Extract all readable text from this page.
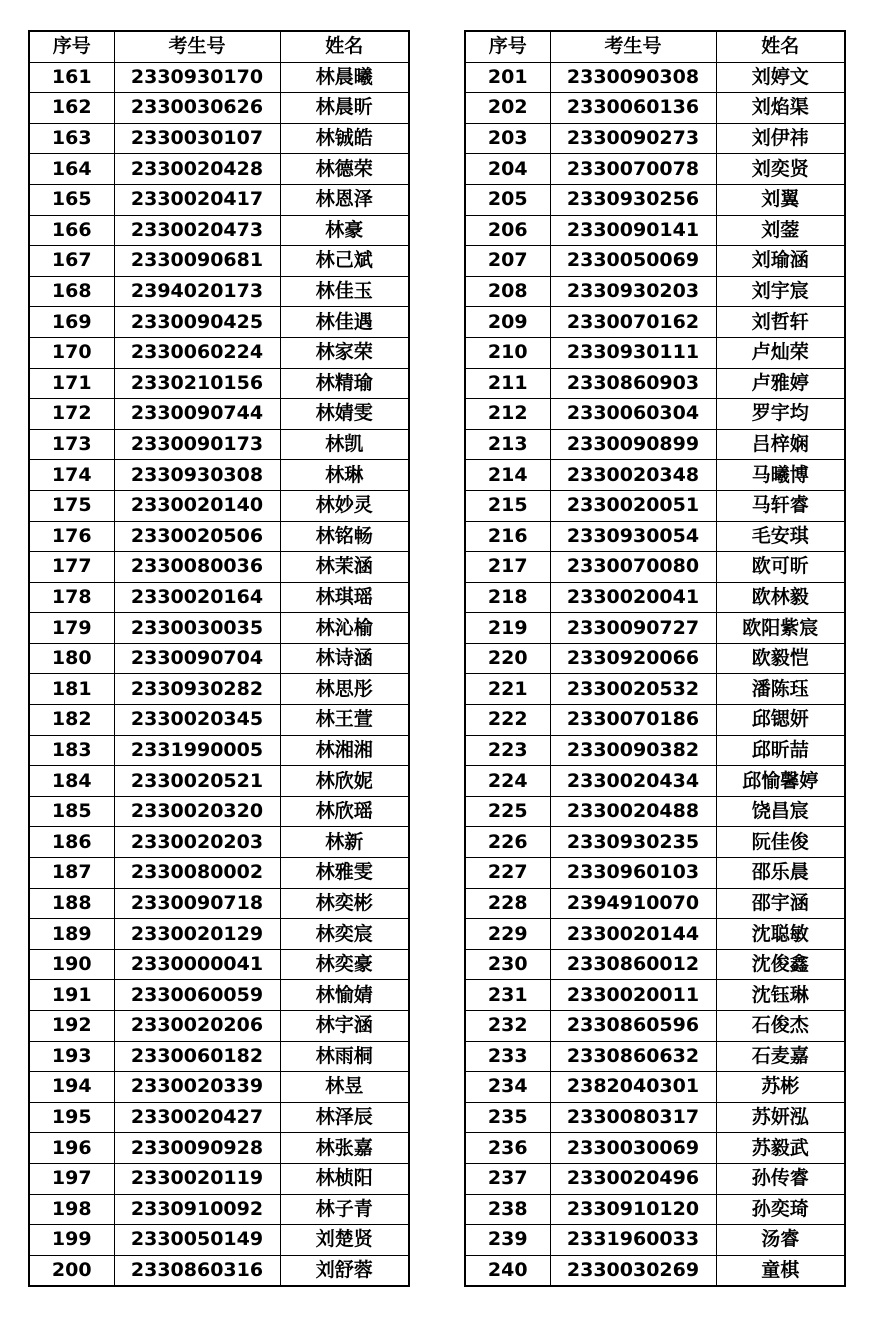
序号	考生号	姓名
161	2330930170	林晨曦
162	2330030626	林晨昕
163	2330030107	林铖皓
164	2330020428	林德荣
165	2330020417	林恩泽
166	2330020473	林豪
167	2330090681	林己斌
168	2394020173	林佳玉
169	2330090425	林佳遇
170	2330060224	林家荣
171	2330210156	林精瑜
172	2330090744	林婧雯
173	2330090173	林凯
174	2330930308	林琳
175	2330020140	林妙灵
176	2330020506	林铭畅
177	2330080036	林茉涵
178	2330020164	林琪瑶
179	2330030035	林沁榆
180	2330090704	林诗涵
181	2330930282	林思彤
182	2330020345	林王萱
183	2331990005	林湘湘
184	2330020521	林欣妮
185	2330020320	林欣瑶
186	2330020203	林新
187	2330080002	林雅雯
188	2330090718	林奕彬
189	2330020129	林奕宸
190	2330000041	林奕豪
191	2330060059	林愉婧
192	2330020206	林宇涵
193	2330060182	林雨桐
194	2330020339	林昱
195	2330020427	林泽辰
196	2330090928	林张嘉
197	2330020119	林桢阳
198	2330910092	林子青
199	2330050149	刘楚贤
200	2330860316	刘舒蓉
序号	考生号	姓名
201	2330090308	刘婷文
202	2330060136	刘焰渠
203	2330090273	刘伊祎
204	2330070078	刘奕贤
205	2330930256	刘翼
206	2330090141	刘蓥
207	2330050069	刘瑜涵
208	2330930203	刘宇宸
209	2330070162	刘哲轩
210	2330930111	卢灿荣
211	2330860903	卢雅婷
212	2330060304	罗宇均
213	2330090899	吕梓娴
214	2330020348	马曦博
215	2330020051	马轩睿
216	2330930054	毛安琪
217	2330070080	欧可昕
218	2330020041	欧林毅
219	2330090727	欧阳紫宸
220	2330920066	欧毅恺
221	2330020532	潘陈珏
222	2330070186	邱锶妍
223	2330090382	邱昕喆
224	2330020434	邱愉馨婷
225	2330020488	饶昌宸
226	2330930235	阮佳俊
227	2330960103	邵乐晨
228	2394910070	邵宇涵
229	2330020144	沈聪敏
230	2330860012	沈俊鑫
231	2330020011	沈钰琳
232	2330860596	石俊杰
233	2330860632	石麦嘉
234	2382040301	苏彬
235	2330080317	苏妍泓
236	2330030069	苏毅武
237	2330020496	孙传睿
238	2330910120	孙奕琦
239	2331960033	汤睿
240	2330030269	童棋
